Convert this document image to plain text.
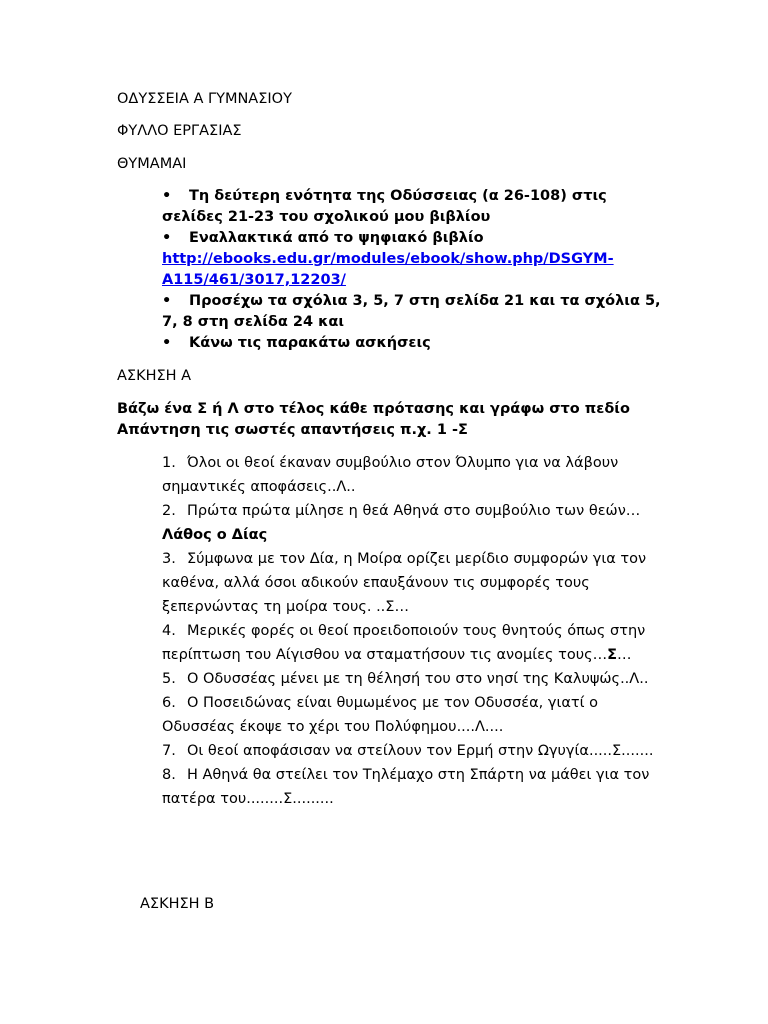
ΟΔΥΣΣΕΙΑ Α ΓΥΜΝΑΣΙΟΥ
ΦΥΛΛΟ ΕΡΓΑΣΙΑΣ
ΘΥΜΑΜΑΙ
• Τη δεύτερη ενότητα της Οδύσσειας (α 26-108) στις σελίδες 21-23 του σχολικού μου βιβλίου
• Εναλλακτικά από το ψηφιακό βιβλίο
http://ebooks.edu.gr/modules/ebook/show.php/DSGYM-
A115/461/3017,12203/
• Προσέχω τα σχόλια 3, 5, 7 στη σελίδα 21 και τα σχόλια 5, 7, 8 στη σελίδα 24 και
• Κάνω τις παρακάτω ασκήσεις
ΑΣΚΗΣΗ Α
Βάζω ένα Σ ή Λ στο τέλος κάθε πρότασης και γράφω στο πεδίο Απάντηση τις σωστές απαντήσεις π.χ. 1 -Σ
1. Όλοι οι θεοί έκαναν συμβούλιο στον Όλυμπο για να λάβουν σημαντικές αποφάσεις..Λ..
2. Πρώτα πρώτα μίλησε η θεά Αθηνά στο συμβούλιο των θεών…Λάθος ο Δίας
3. Σύμφωνα με τον Δία, η Μοίρα ορίζει μερίδιο συμφορών για τον καθένα, αλλά όσοι αδικούν επαυξάνουν τις συμφορές τους ξεπερνώντας τη μοίρα τους. ..Σ…
4. Μερικές φορές οι θεοί προειδοποιούν τους θνητούς όπως στην περίπτωση του Αίγισθου να σταματήσουν τις ανομίες τους…Σ…
5. Ο Οδυσσέας μένει με τη θέλησή του στο νησί της Καλυψώς..Λ..
6. Ο Ποσειδώνας είναι θυμωμένος με τον Οδυσσέα, γιατί ο Οδυσσέας έκοψε το χέρι του Πολύφημου....Λ....
7. Οι θεοί αποφάσισαν να στείλουν τον Ερμή στην Ωγυγία.....Σ.......
8. Η Αθηνά θα στείλει τον Τηλέμαχο στη Σπάρτη να μάθει για τον πατέρα του........Σ.........
ΑΣΚΗΣΗ Β
